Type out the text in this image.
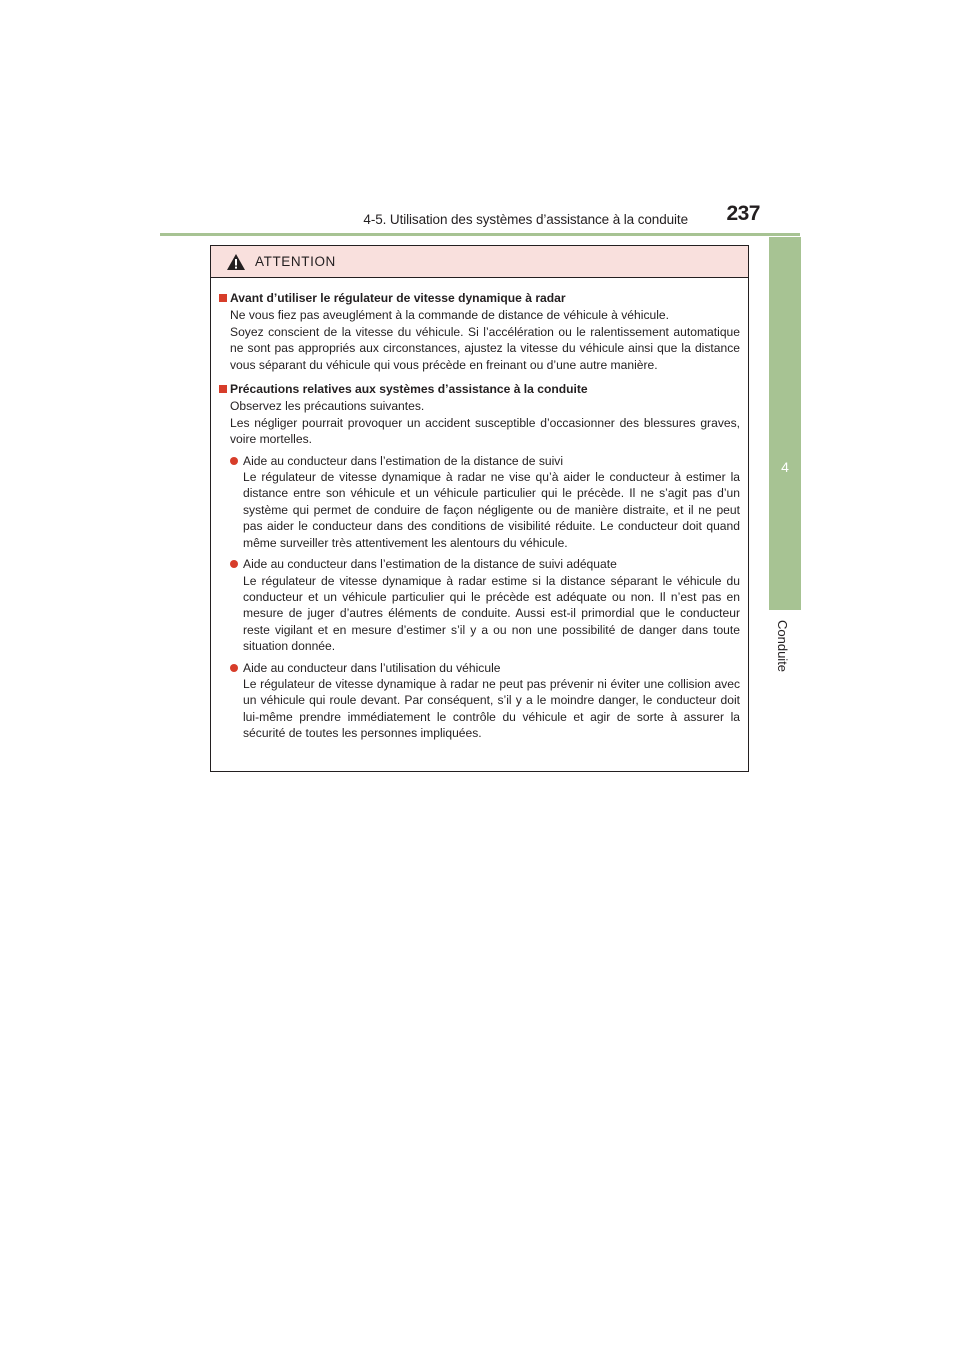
4-5. Utilisation des systèmes d’assistance à la conduite 237
4
Conduite
ATTENTION
Avant d’utiliser le régulateur de vitesse dynamique à radar
Ne vous fiez pas aveuglément à la commande de distance de véhicule à véhicule.
Soyez conscient de la vitesse du véhicule. Si l’accélération ou le ralentissement automatique ne sont pas appropriés aux circonstances, ajustez la vitesse du véhicule ainsi que la distance vous séparant du véhicule qui vous précède en freinant ou d’une autre manière.
Précautions relatives aux systèmes d’assistance à la conduite
Observez les précautions suivantes.
Les négliger pourrait provoquer un accident susceptible d’occasionner des blessures graves, voire mortelles.
Aide au conducteur dans l’estimation de la distance de suivi
Le régulateur de vitesse dynamique à radar ne vise qu’à aider le conducteur à estimer la distance entre son véhicule et un véhicule particulier qui le précède. Il ne s’agit pas d’un système qui permet de conduire de façon négligente ou de manière distraite, et il ne peut pas aider le conducteur dans des conditions de visibilité réduite. Le conducteur doit quand même surveiller très attentivement les alentours du véhicule.
Aide au conducteur dans l’estimation de la distance de suivi adéquate
Le régulateur de vitesse dynamique à radar estime si la distance séparant le véhicule du conducteur et un véhicule particulier qui le précède est adéquate ou non. Il n’est pas en mesure de juger d’autres éléments de conduite. Aussi est-il primordial que le conducteur reste vigilant et en mesure d’estimer s’il y a ou non une possibilité de danger dans toute situation donnée.
Aide au conducteur dans l’utilisation du véhicule
Le régulateur de vitesse dynamique à radar ne peut pas prévenir ni éviter une collision avec un véhicule qui roule devant. Par conséquent, s’il y a le moindre danger, le conducteur doit lui-même prendre immédiatement le contrôle du véhicule et agir de sorte à assurer la sécurité de toutes les personnes impliquées.
